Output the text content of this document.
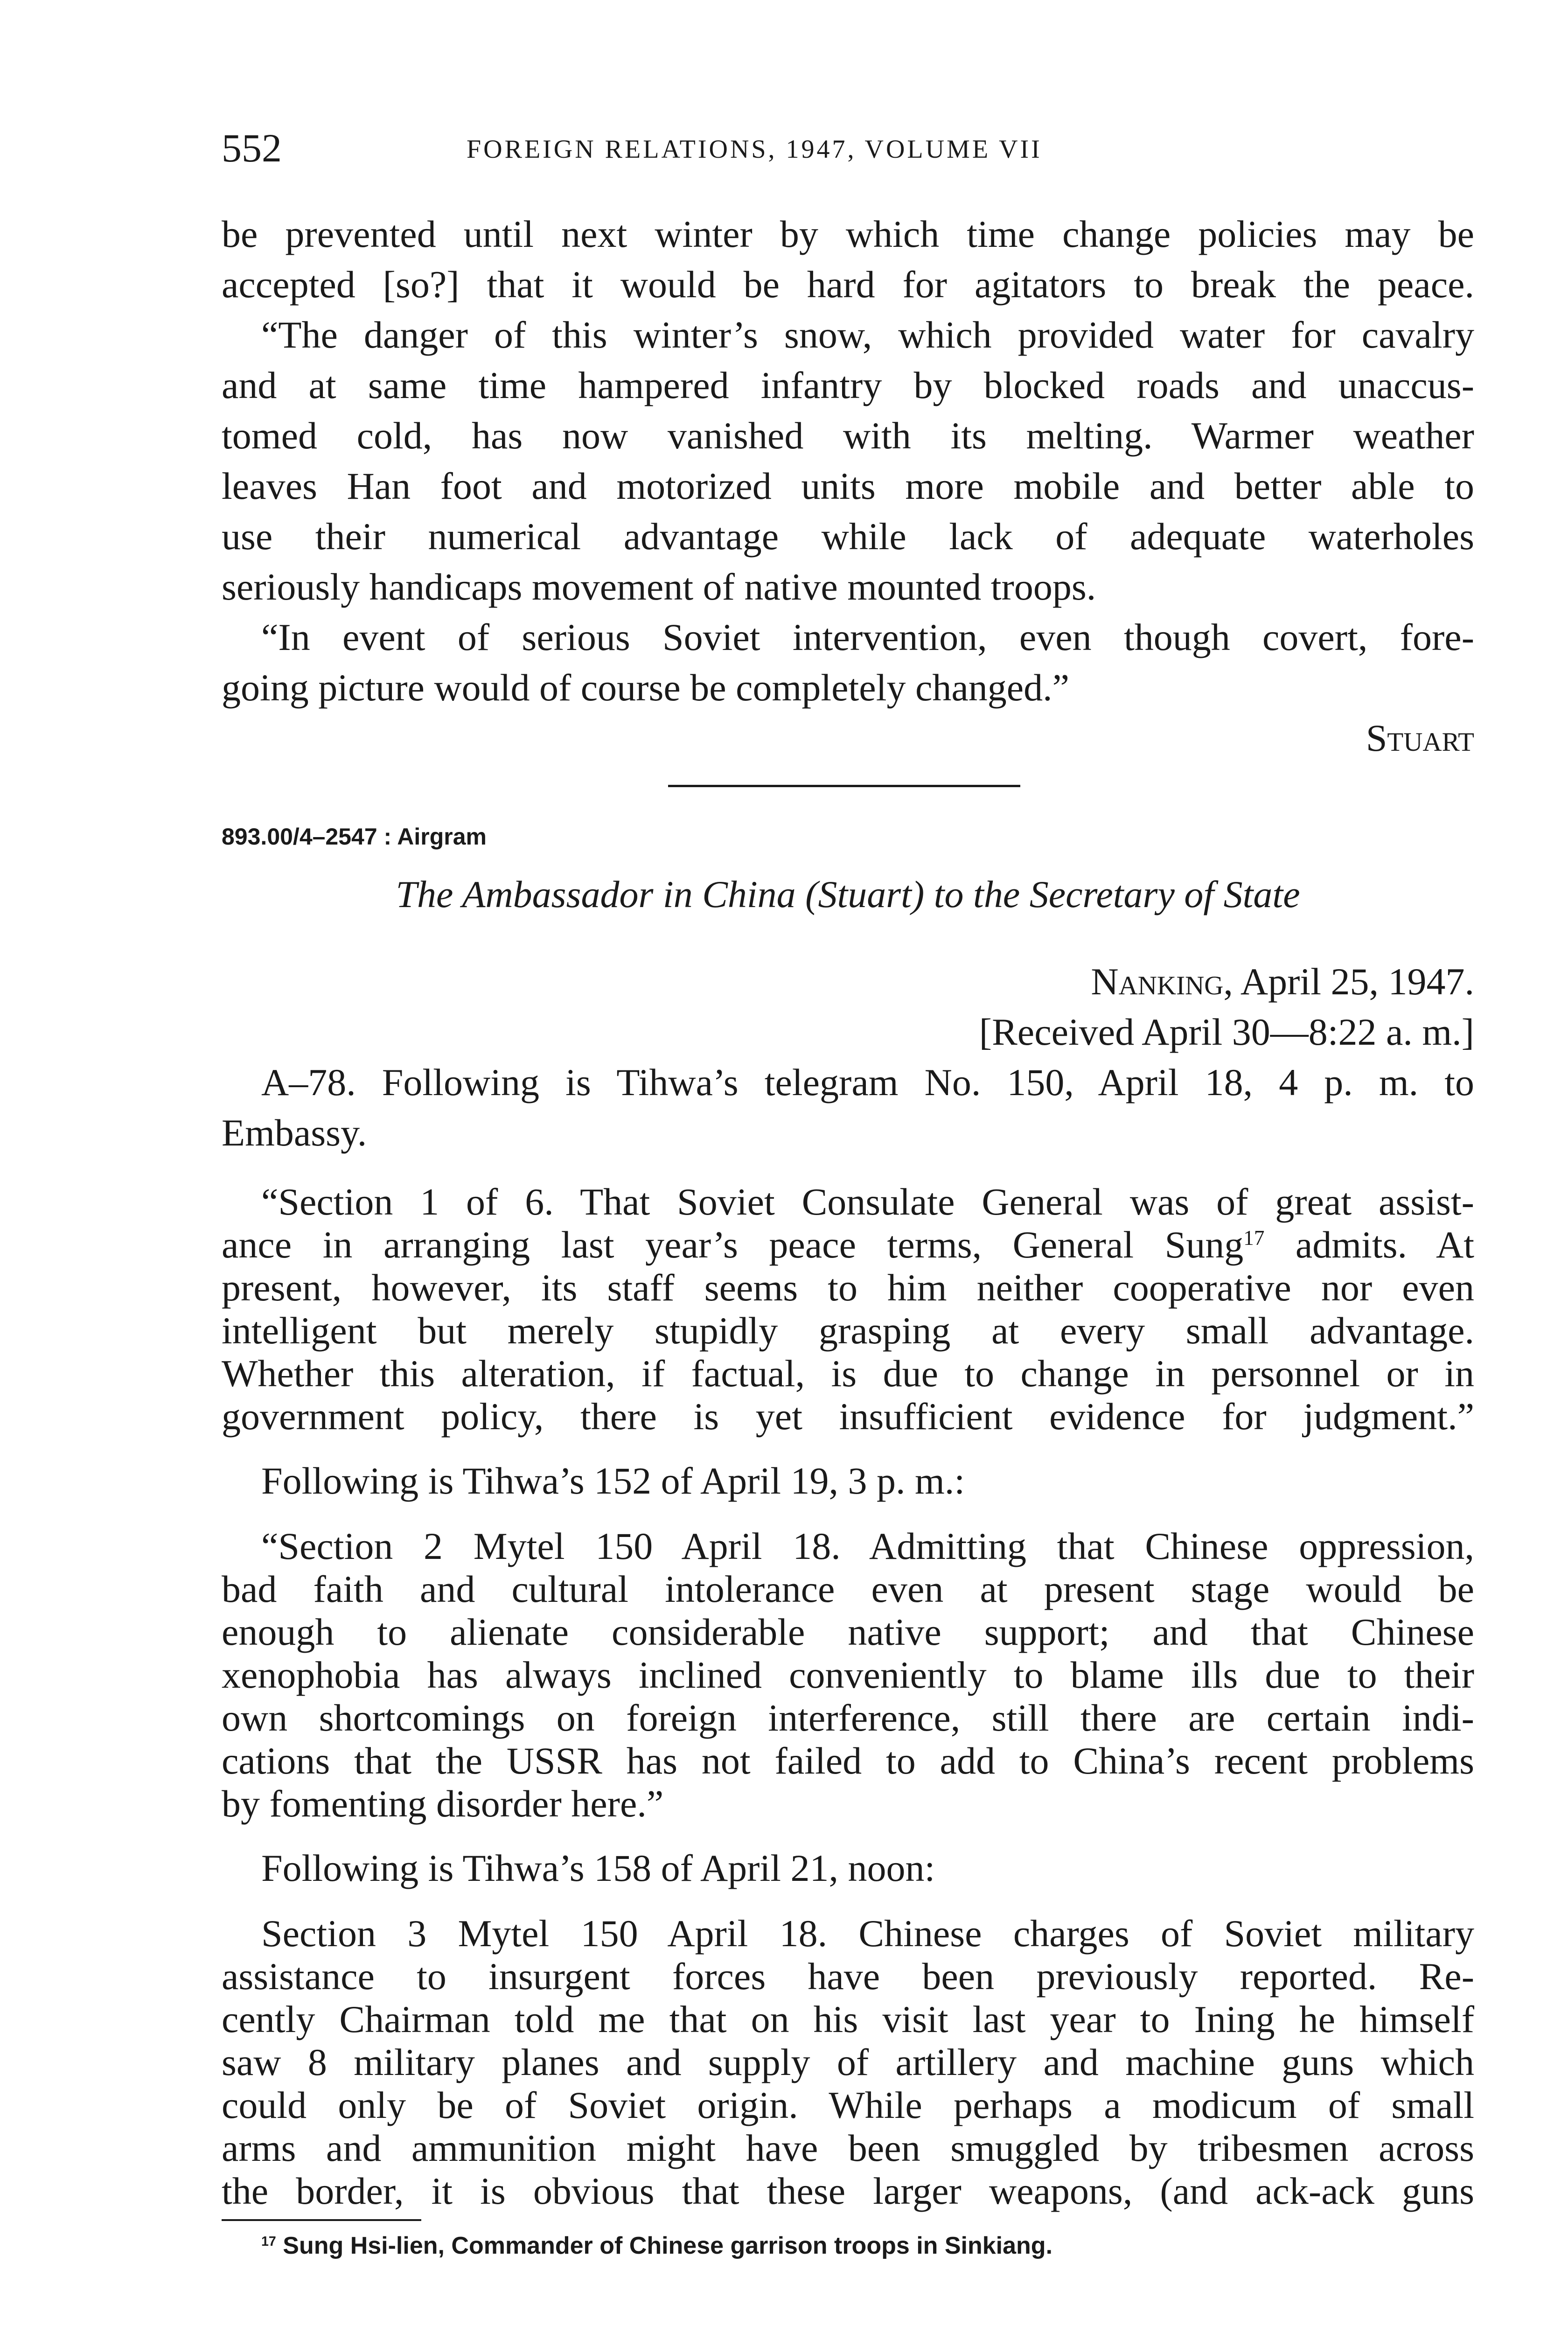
552	FOREIGN RELATIONS, 1947, VOLUME VII
be prevented until next winter by which time change policies may be
accepted [so?] that it would be hard for agitators to break the peace.
“The danger of this winter’s snow, which provided water for cavalry
and at same time hampered infantry by blocked roads and unaccus-
tomed cold, has now vanished with its melting. Warmer weather
leaves Han foot and motorized units more mobile and better able to
use their numerical advantage while lack of adequate waterholes
seriously handicaps movement of native mounted troops.
“In event of serious Soviet intervention, even though covert, fore-
going picture would of course be completely changed.”
Stuart
893.00/4–2547 : Airgram
The Ambassador in China (Stuart) to the Secretary of State
Nanking, April 25, 1947.
[Received April 30—8:22 a. m.]
A–78. Following is Tihwa’s telegram No. 150, April 18, 4 p. m. to
Embassy.
“Section 1 of 6. That Soviet Consulate General was of great assist-
ance in arranging last year’s peace terms, General Sung$^{17}$ admits. At
present, however, its staff seems to him neither cooperative nor even
intelligent but merely stupidly grasping at every small advantage.
Whether this alteration, if factual, is due to change in personnel or in
government policy, there is yet insufficient evidence for judgment.”
Following is Tihwa’s 152 of April 19, 3 p. m.:
“Section 2 Mytel 150 April 18. Admitting that Chinese oppression,
bad faith and cultural intolerance even at present stage would be
enough to alienate considerable native support; and that Chinese
xenophobia has always inclined conveniently to blame ills due to their
own shortcomings on foreign interference, still there are certain indi-
cations that the USSR has not failed to add to China’s recent problems
by fomenting disorder here.”
Following is Tihwa’s 158 of April 21, noon:
Section 3 Mytel 150 April 18. Chinese charges of Soviet military
assistance to insurgent forces have been previously reported. Re-
cently Chairman told me that on his visit last year to Ining he himself
saw 8 military planes and supply of artillery and machine guns which
could only be of Soviet origin. While perhaps a modicum of small
arms and ammunition might have been smuggled by tribesmen across
the border, it is obvious that these larger weapons, (and ack-ack guns
$^{17}$ Sung Hsi-lien, Commander of Chinese garrison troops in Sinkiang.
